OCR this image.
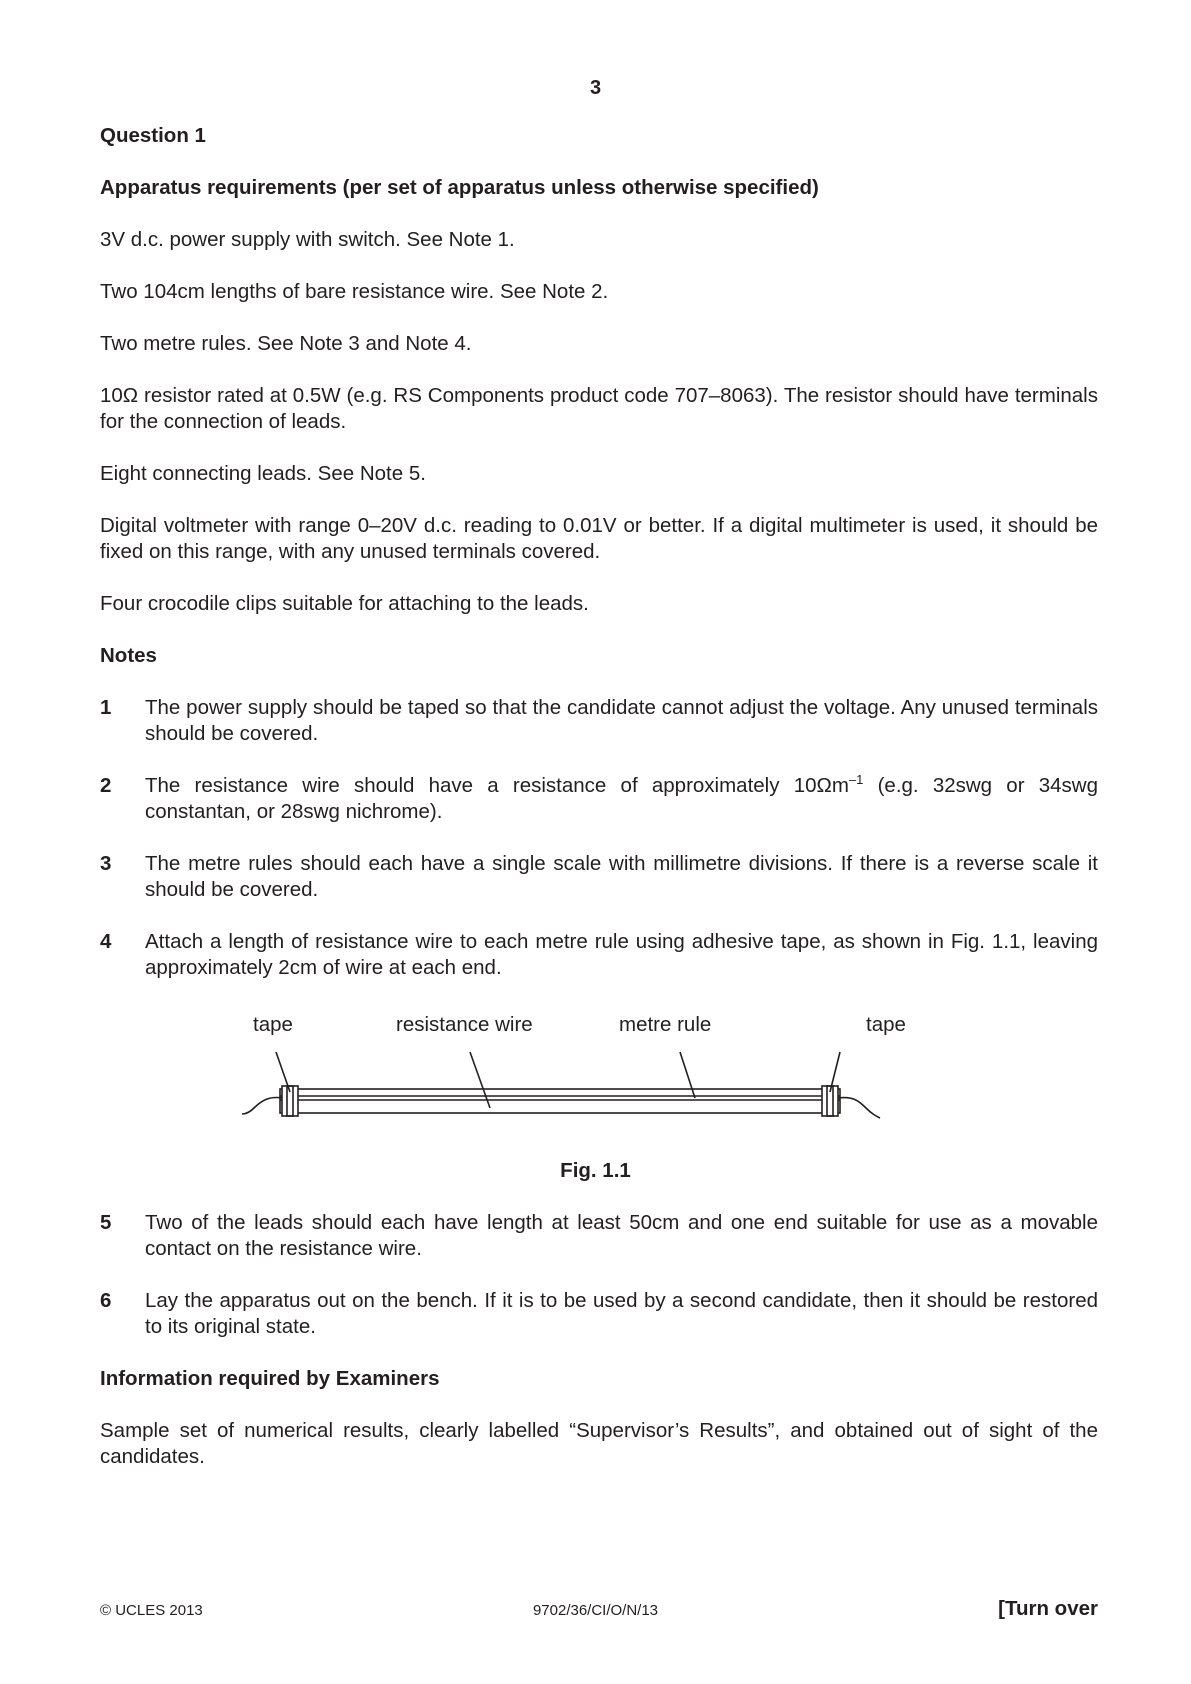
3
Question 1
Apparatus requirements (per set of apparatus unless otherwise specified)
3V d.c. power supply with switch. See Note 1.
Two 104cm lengths of bare resistance wire. See Note 2.
Two metre rules. See Note 3 and Note 4.
10Ω resistor rated at 0.5W (e.g. RS Components product code 707–8063). The resistor should have terminals for the connection of leads.
Eight connecting leads. See Note 5.
Digital voltmeter with range 0–20V d.c. reading to 0.01V or better. If a digital multimeter is used, it should be fixed on this range, with any unused terminals covered.
Four crocodile clips suitable for attaching to the leads.
Notes
1	The power supply should be taped so that the candidate cannot adjust the voltage. Any unused terminals should be covered.
2	The resistance wire should have a resistance of approximately $10\Omega m^{-1}$ (e.g. 32swg or 34swg constantan, or 28swg nichrome).
3	The metre rules should each have a single scale with millimetre divisions. If there is a reverse scale it should be covered.
4	Attach a length of resistance wire to each metre rule using adhesive tape, as shown in Fig. 1.1, leaving approximately 2cm of wire at each end.
tape	resistance wire	metre rule	tape
Fig. 1.1
5	Two of the leads should each have length at least 50cm and one end suitable for use as a movable contact on the resistance wire.
6	Lay the apparatus out on the bench. If it is to be used by a second candidate, then it should be restored to its original state.
Information required by Examiners
Sample set of numerical results, clearly labelled “Supervisor’s Results”, and obtained out of sight of the candidates.
© UCLES 2013	9702/36/CI/O/N/13	[Turn over
